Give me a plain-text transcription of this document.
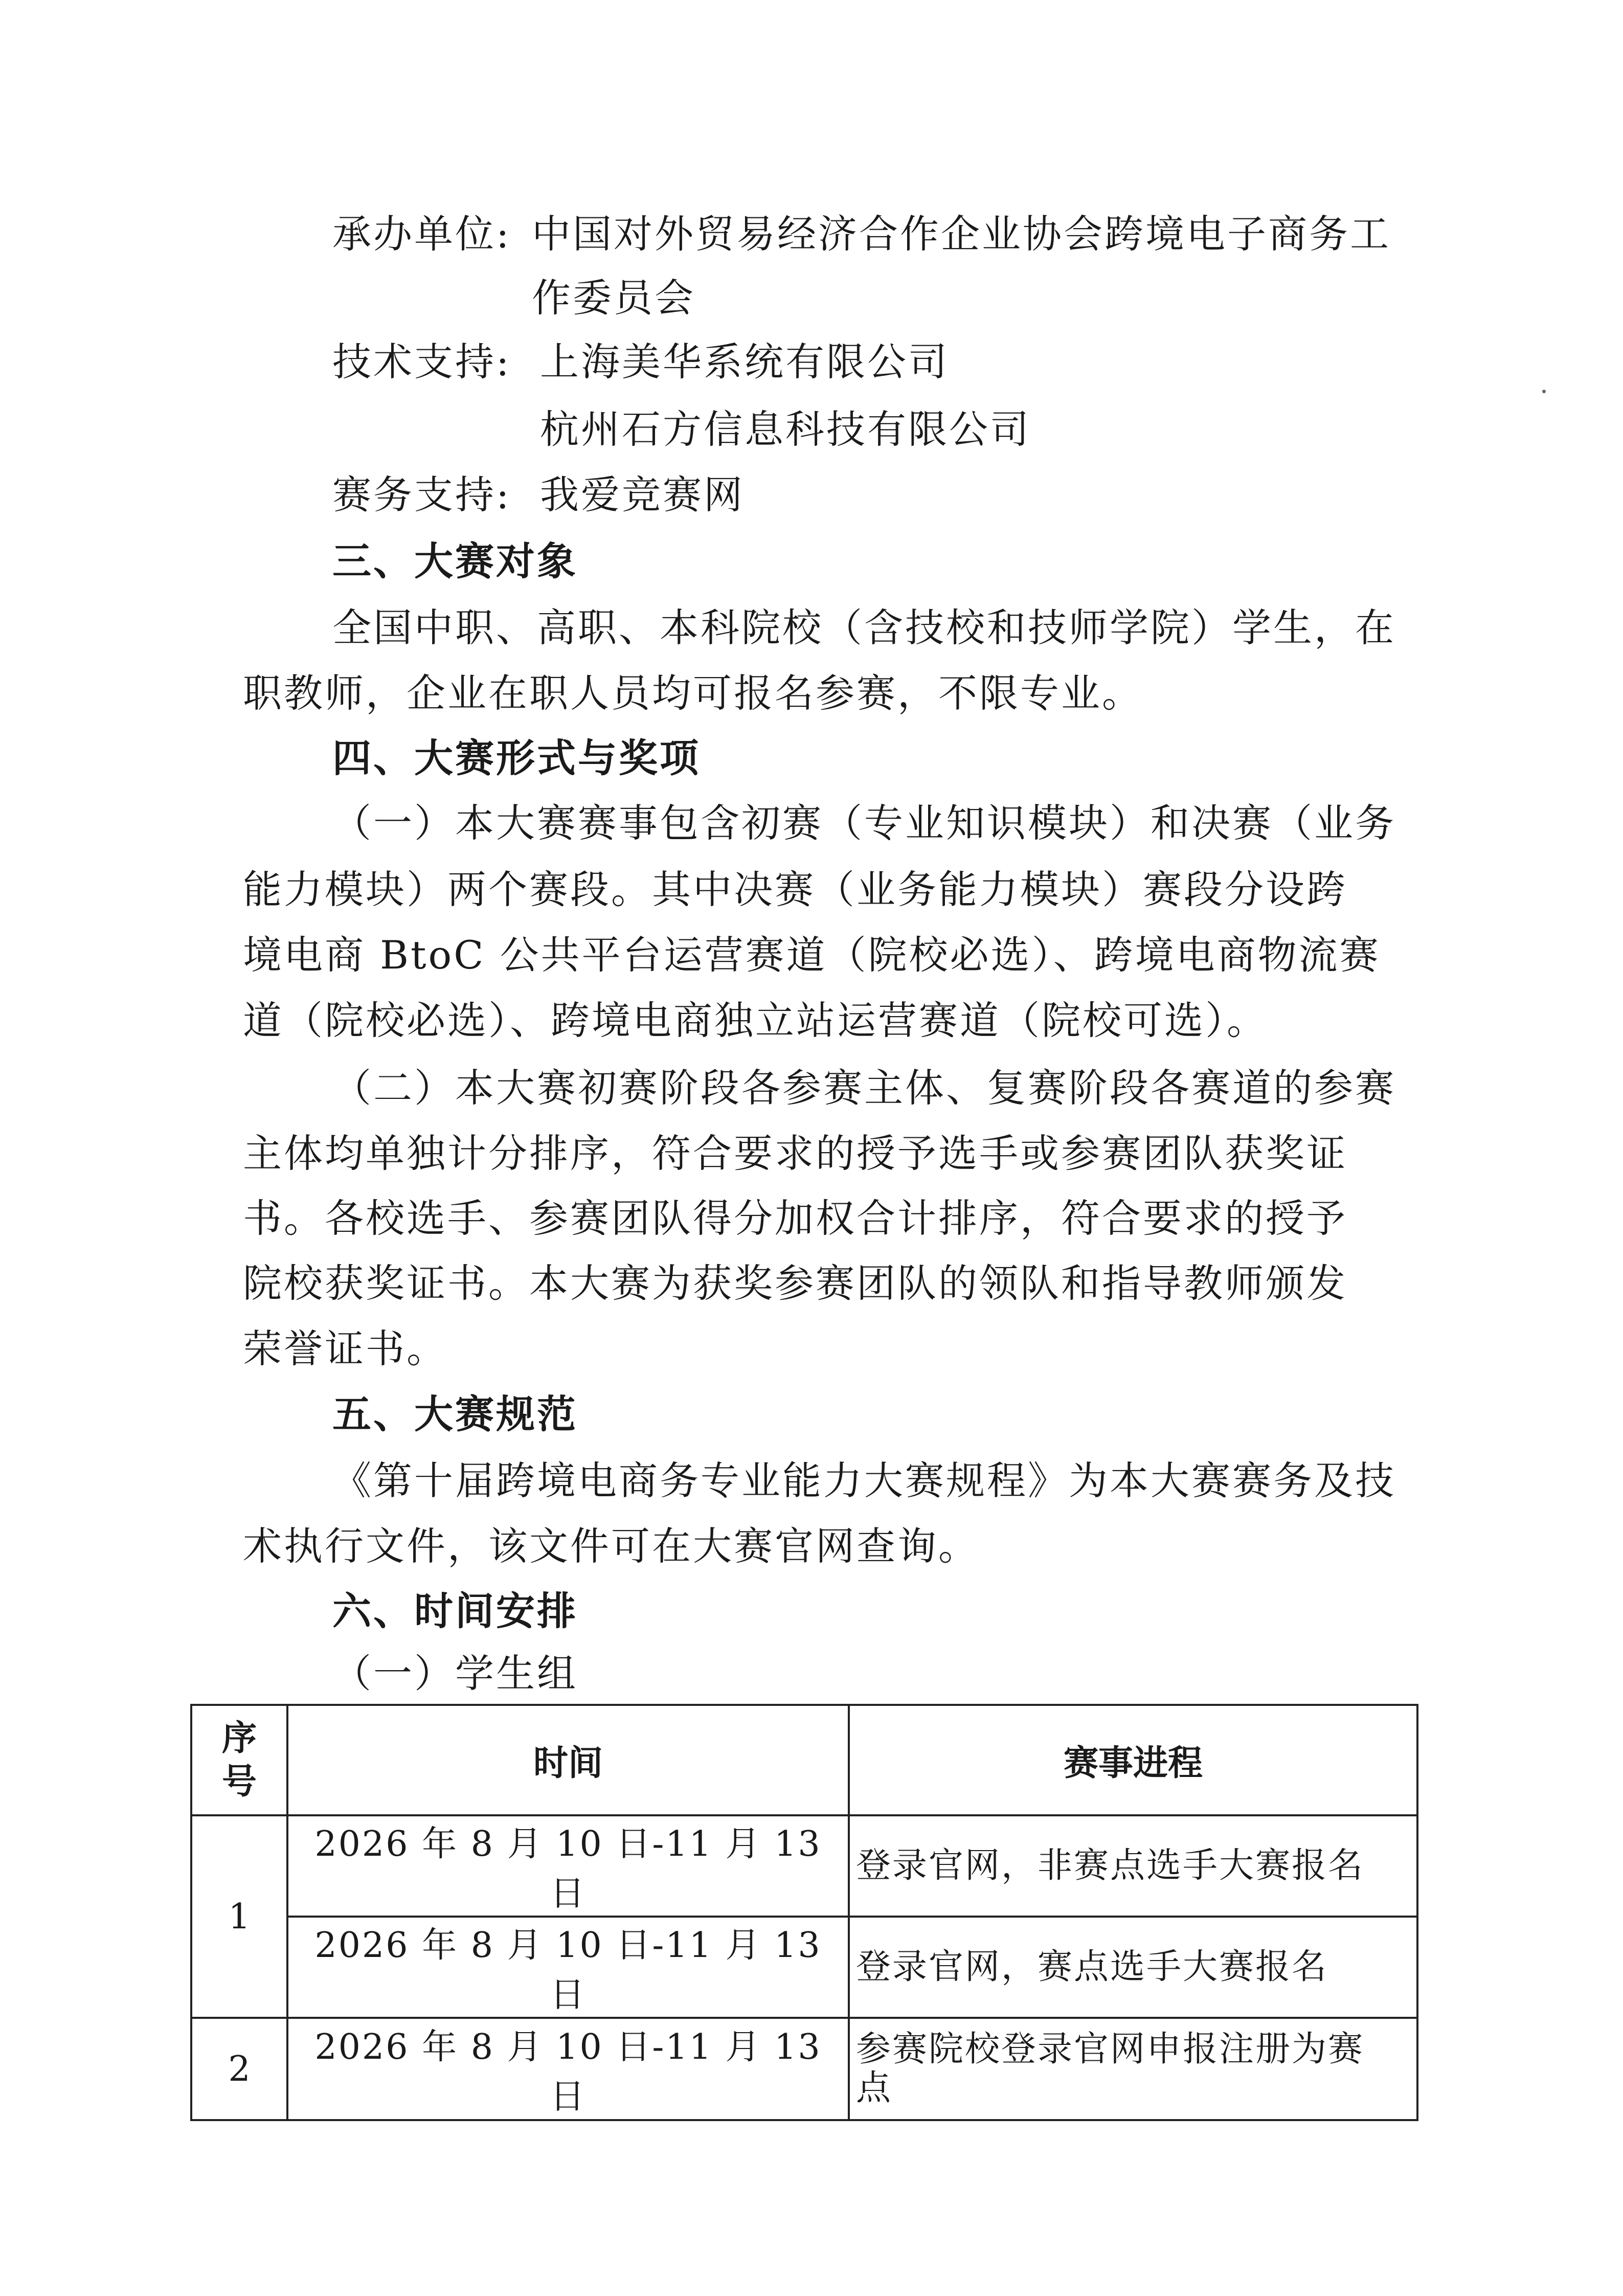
承办单位: 中国对外贸易经济合作企业协会跨境电子商务工
作委员会
技术支持: 上海美华系统有限公司
杭州石方信息科技有限公司
赛务支持: 我爱竞赛网
三、大赛对象
全国中职、高职、本科院校（含技校和技师学院）学生，在
职教师，企业在职人员均可报名参赛，不限专业。
四、大赛形式与奖项
（一）本大赛赛事包含初赛（专业知识模块）和决赛（业务
能力模块）两个赛段。其中决赛（业务能力模块）赛段分设跨
境电商 BtoC 公共平台运营赛道（院校必选）、跨境电商物流赛
道（院校必选）、跨境电商独立站运营赛道（院校可选）。
（二）本大赛初赛阶段各参赛主体、复赛阶段各赛道的参赛
主体均单独计分排序，符合要求的授予选手或参赛团队获奖证
书。各校选手、参赛团队得分加权合计排序，符合要求的授予
院校获奖证书。本大赛为获奖参赛团队的领队和指导教师颁发
荣誉证书。
五、大赛规范
《第十届跨境电商务专业能力大赛规程》为本大赛赛务及技
术执行文件，该文件可在大赛官网查询。
六、时间安排
（一）学生组
序
号	时间	赛事进程
1	2026 年 8 月 10 日-11 月 13 日	登录官网，非赛点选手大赛报名
	2026 年 8 月 10 日-11 月 13 日	登录官网，赛点选手大赛报名
2	2026 年 8 月 10 日-11 月 13 日	参赛院校登录官网申报注册为赛
点
